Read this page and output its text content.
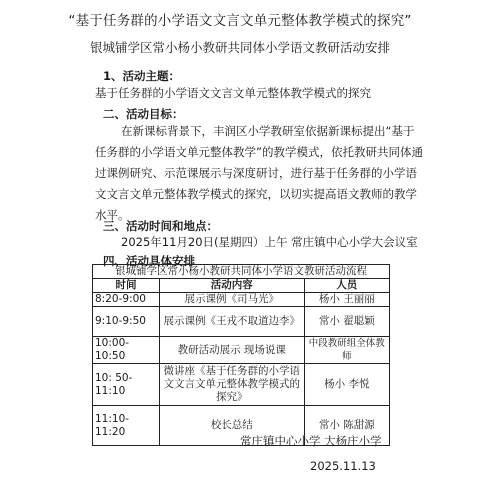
“基于任务群的小学语文文言文单元整体教学模式的探究”
银城铺学区常小杨小教研共同体小学语文教研活动安排
1、活动主题：

基于任务群的小学语文文言文单元整体教学模式的探究

二、活动目标：

在新课标背景下，丰润区小学教研室依据新课标提出“基于任务群的小学语文单元整体教学”的教学模式，依托教研共同体通过课例研究、示范课展示与深度研讨，进行基于任务群的小学语文文言文单元整体教学模式的探究，以切实提高语文教师的教学水平。

三、活动时间和地点：

2025年11月20日(星期四）上午 常庄镇中心小学大会议室

四、活动具体安排
银城铺学区常小杨小教研共同体小学语文教研活动流程		
时间	活动内容	人员
8:20-9:00	展示课例《司马光》	杨小 王丽丽
9:10-9:50	展示课例《王戎不取道边李》	常小 翟聪颖
10:00-10:50	教研活动展示 现场说课	中段教研组全体教师
10: 50-11:10	微讲座《基于任务群的小学语文文言文单元整体教学模式的探究》	杨小 李悦
11:10-11:20	校长总结	常小 陈甜源
常庄镇中心小学 大杨庄小学
2025.11.13
